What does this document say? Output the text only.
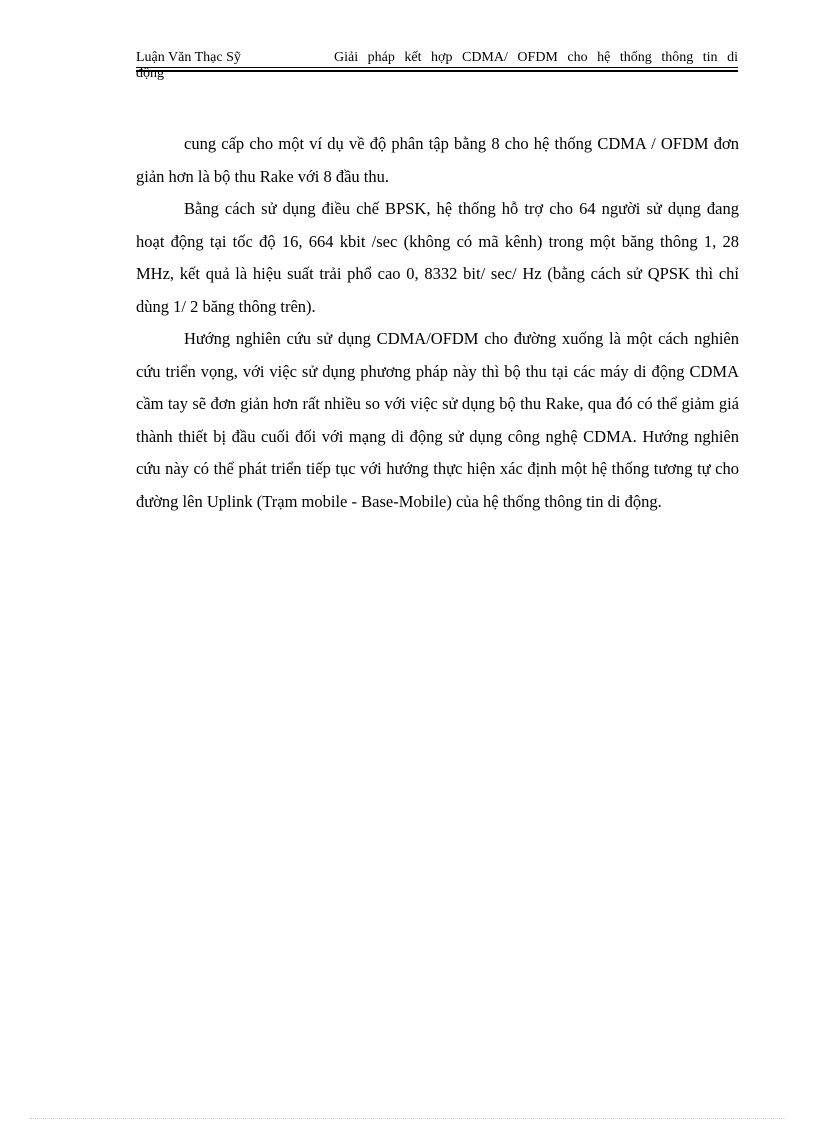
Luận Văn Thạc Sỹ	Giải pháp kết hợp CDMA/ OFDM cho hệ thống thông tin di
động

cung cấp cho một ví dụ về độ phân tập bằng 8 cho hệ thống CDMA / OFDM đơn giản hơn là bộ thu Rake với 8 đầu thu.

Bằng cách sử dụng điều chế BPSK, hệ thống hỗ trợ cho 64 người sử dụng đang hoạt động tại tốc độ 16, 664 kbit /sec (không có mã kênh) trong một băng thông 1, 28 MHz, kết quả là hiệu suất trải phổ cao 0, 8332 bit/ sec/ Hz (bằng cách sử QPSK thì chỉ dùng 1/ 2 băng thông trên).

Hướng nghiên cứu sử dụng CDMA/OFDM cho đường xuống là một cách nghiên cứu triển vọng, với việc sử dụng phương pháp này thì bộ thu tại các máy di động CDMA cầm tay sẽ đơn giản hơn rất nhiều so với việc sử dụng bộ thu Rake, qua đó có thể giảm giá thành thiết bị đầu cuối đối với mạng di động sử dụng công nghệ CDMA. Hướng nghiên cứu này có thể phát triển tiếp tục với hướng thực hiện xác định một hệ thống tương tự cho đường lên Uplink (Trạm mobile - Base-Mobile) của hệ thống thông tin di động.
